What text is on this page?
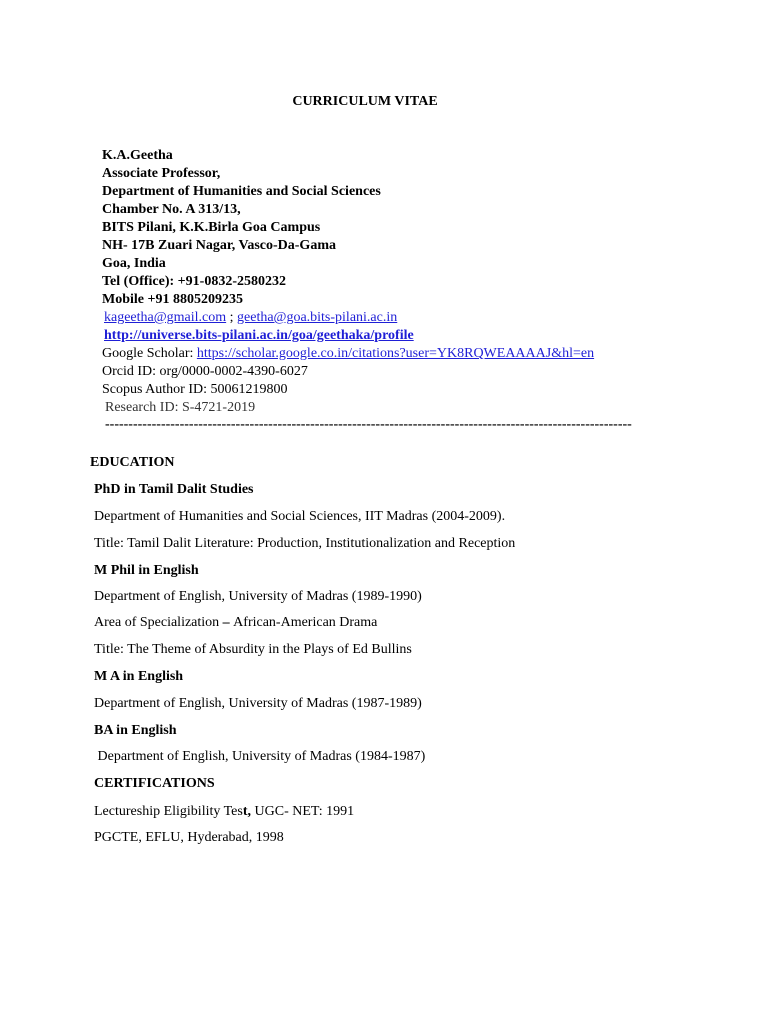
CURRICULUM VITAE
K.A.Geetha
Associate Professor,
Department of Humanities and Social Sciences
Chamber No. A 313/13,
BITS Pilani, K.K.Birla Goa Campus
NH- 17B Zuari Nagar, Vasco-Da-Gama
Goa, India
Tel (Office): +91-0832-2580232
Mobile +91 8805209235
kageetha@gmail.com ; geetha@goa.bits-pilani.ac.in
http://universe.bits-pilani.ac.in/goa/geethaka/profile
Google Scholar: https://scholar.google.co.in/citations?user=YK8RQWEAAAAJ&hl=en
Orcid ID: org/0000-0002-4390-6027
Scopus Author ID: 50061219800
Research ID: S-4721-2019
-----------------------------------------------------------------------------------------------------------------
EDUCATION
PhD in Tamil Dalit Studies
Department of Humanities and Social Sciences, IIT Madras (2004-2009).
Title: Tamil Dalit Literature: Production, Institutionalization and Reception
M Phil in English
Department of English, University of Madras (1989-1990)
Area of Specialization – African-American Drama
Title: The Theme of Absurdity in the Plays of Ed Bullins
M A in English
Department of English, University of Madras (1987-1989)
BA in English
Department of English, University of Madras (1984-1987)
CERTIFICATIONS
Lectureship Eligibility Test, UGC- NET: 1991
PGCTE, EFLU, Hyderabad, 1998
